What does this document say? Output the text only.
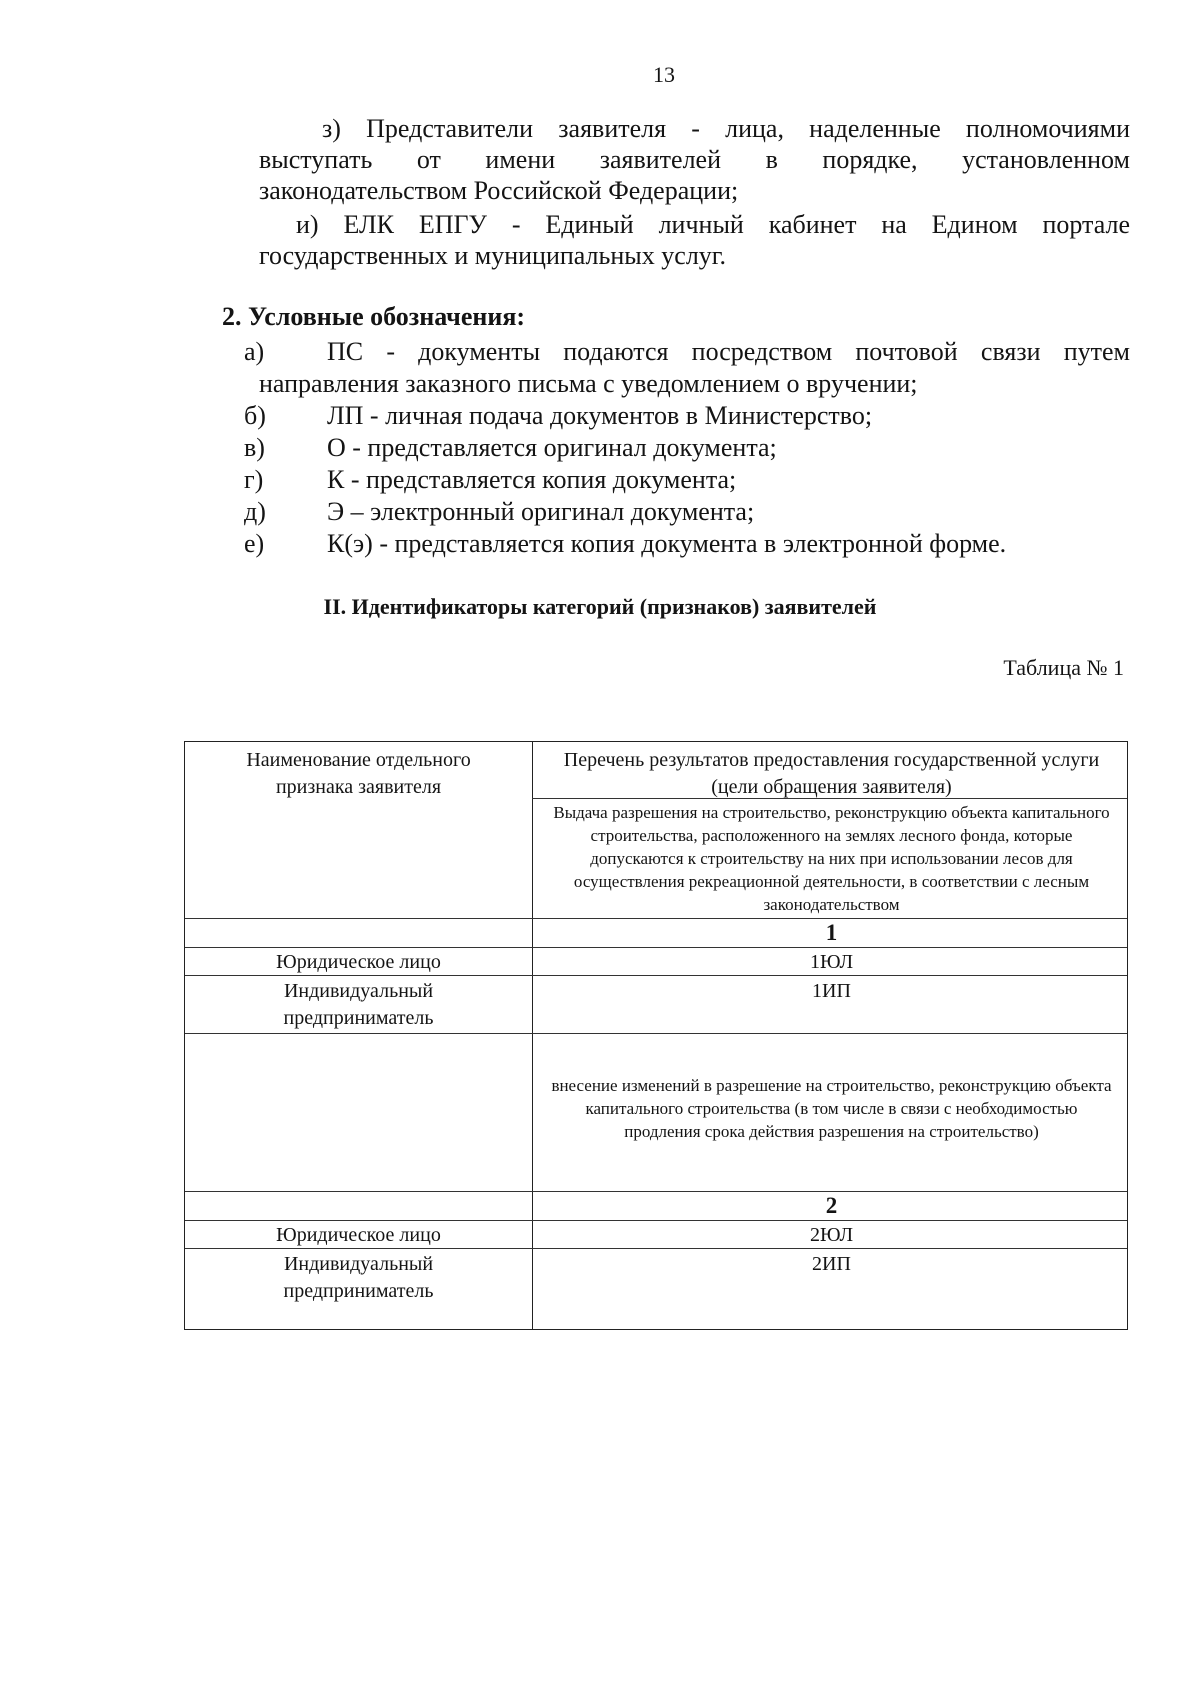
13
з) Представители заявителя - лица, наделенные полномочиями
выступать от имени заявителей в порядке, установленном
законодательством Российской Федерации;
и) ЕЛК ЕПГУ - Единый личный кабинет на Едином портале
государственных и муниципальных услуг.
2. Условные обозначения:
а) ПС - документы подаются посредством почтовой связи путем
направления заказного письма с уведомлением о вручении;
б) ЛП - личная подача документов в Министерство;
в) О - представляется оригинал документа;
г) К - представляется копия документа;
д) Э – электронный оригинал документа;
е) К(э) - представляется копия документа в электронной форме.
II. Идентификаторы категорий (признаков) заявителей
Таблица № 1
Наименование отдельного признака заявителя
Перечень результатов предоставления государственной услуги (цели обращения заявителя)
Выдача разрешения на строительство, реконструкцию объекта капитального строительства, расположенного на землях лесного фонда, которые допускаются к строительству на них при использовании лесов для осуществления рекреационной деятельности, в соответствии с лесным законодательством
1
Юридическое лицо	1ЮЛ
Индивидуальный предприниматель
1ИП
внесение изменений в разрешение на строительство, реконструкцию объекта капитального строительства (в том числе в связи с необходимостью продления срока действия разрешения на строительство)
2
Юридическое лицо	2ЮЛ
Индивидуальный предприниматель
2ИП
